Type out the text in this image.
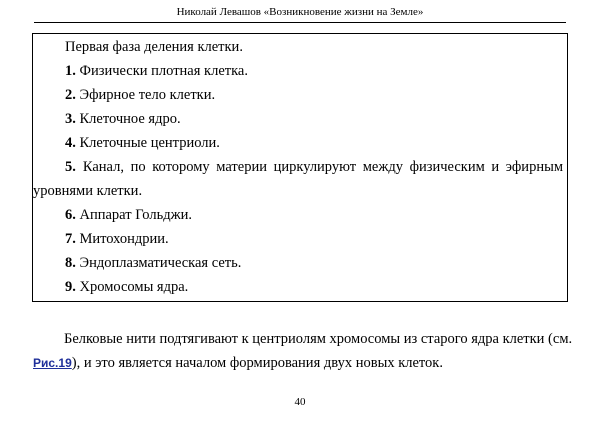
Николай Левашов «Возникновение жизни на Земле»
Первая фаза деления клетки.
1. Физически плотная клетка.
2. Эфирное тело клетки.
3. Клеточное ядро.
4. Клеточные центриоли.
5. Канал, по которому материи циркулируют между физическим и эфирным
уровнями клетки.
6. Аппарат Гольджи.
7. Митохондрии.
8. Эндоплазматическая сеть.
9. Хромосомы ядра.
Белковые нити подтягивают к центриолям хромосомы из старого ядра клетки (см.
Рис.19), и это является началом формирования двух новых клеток.
40
